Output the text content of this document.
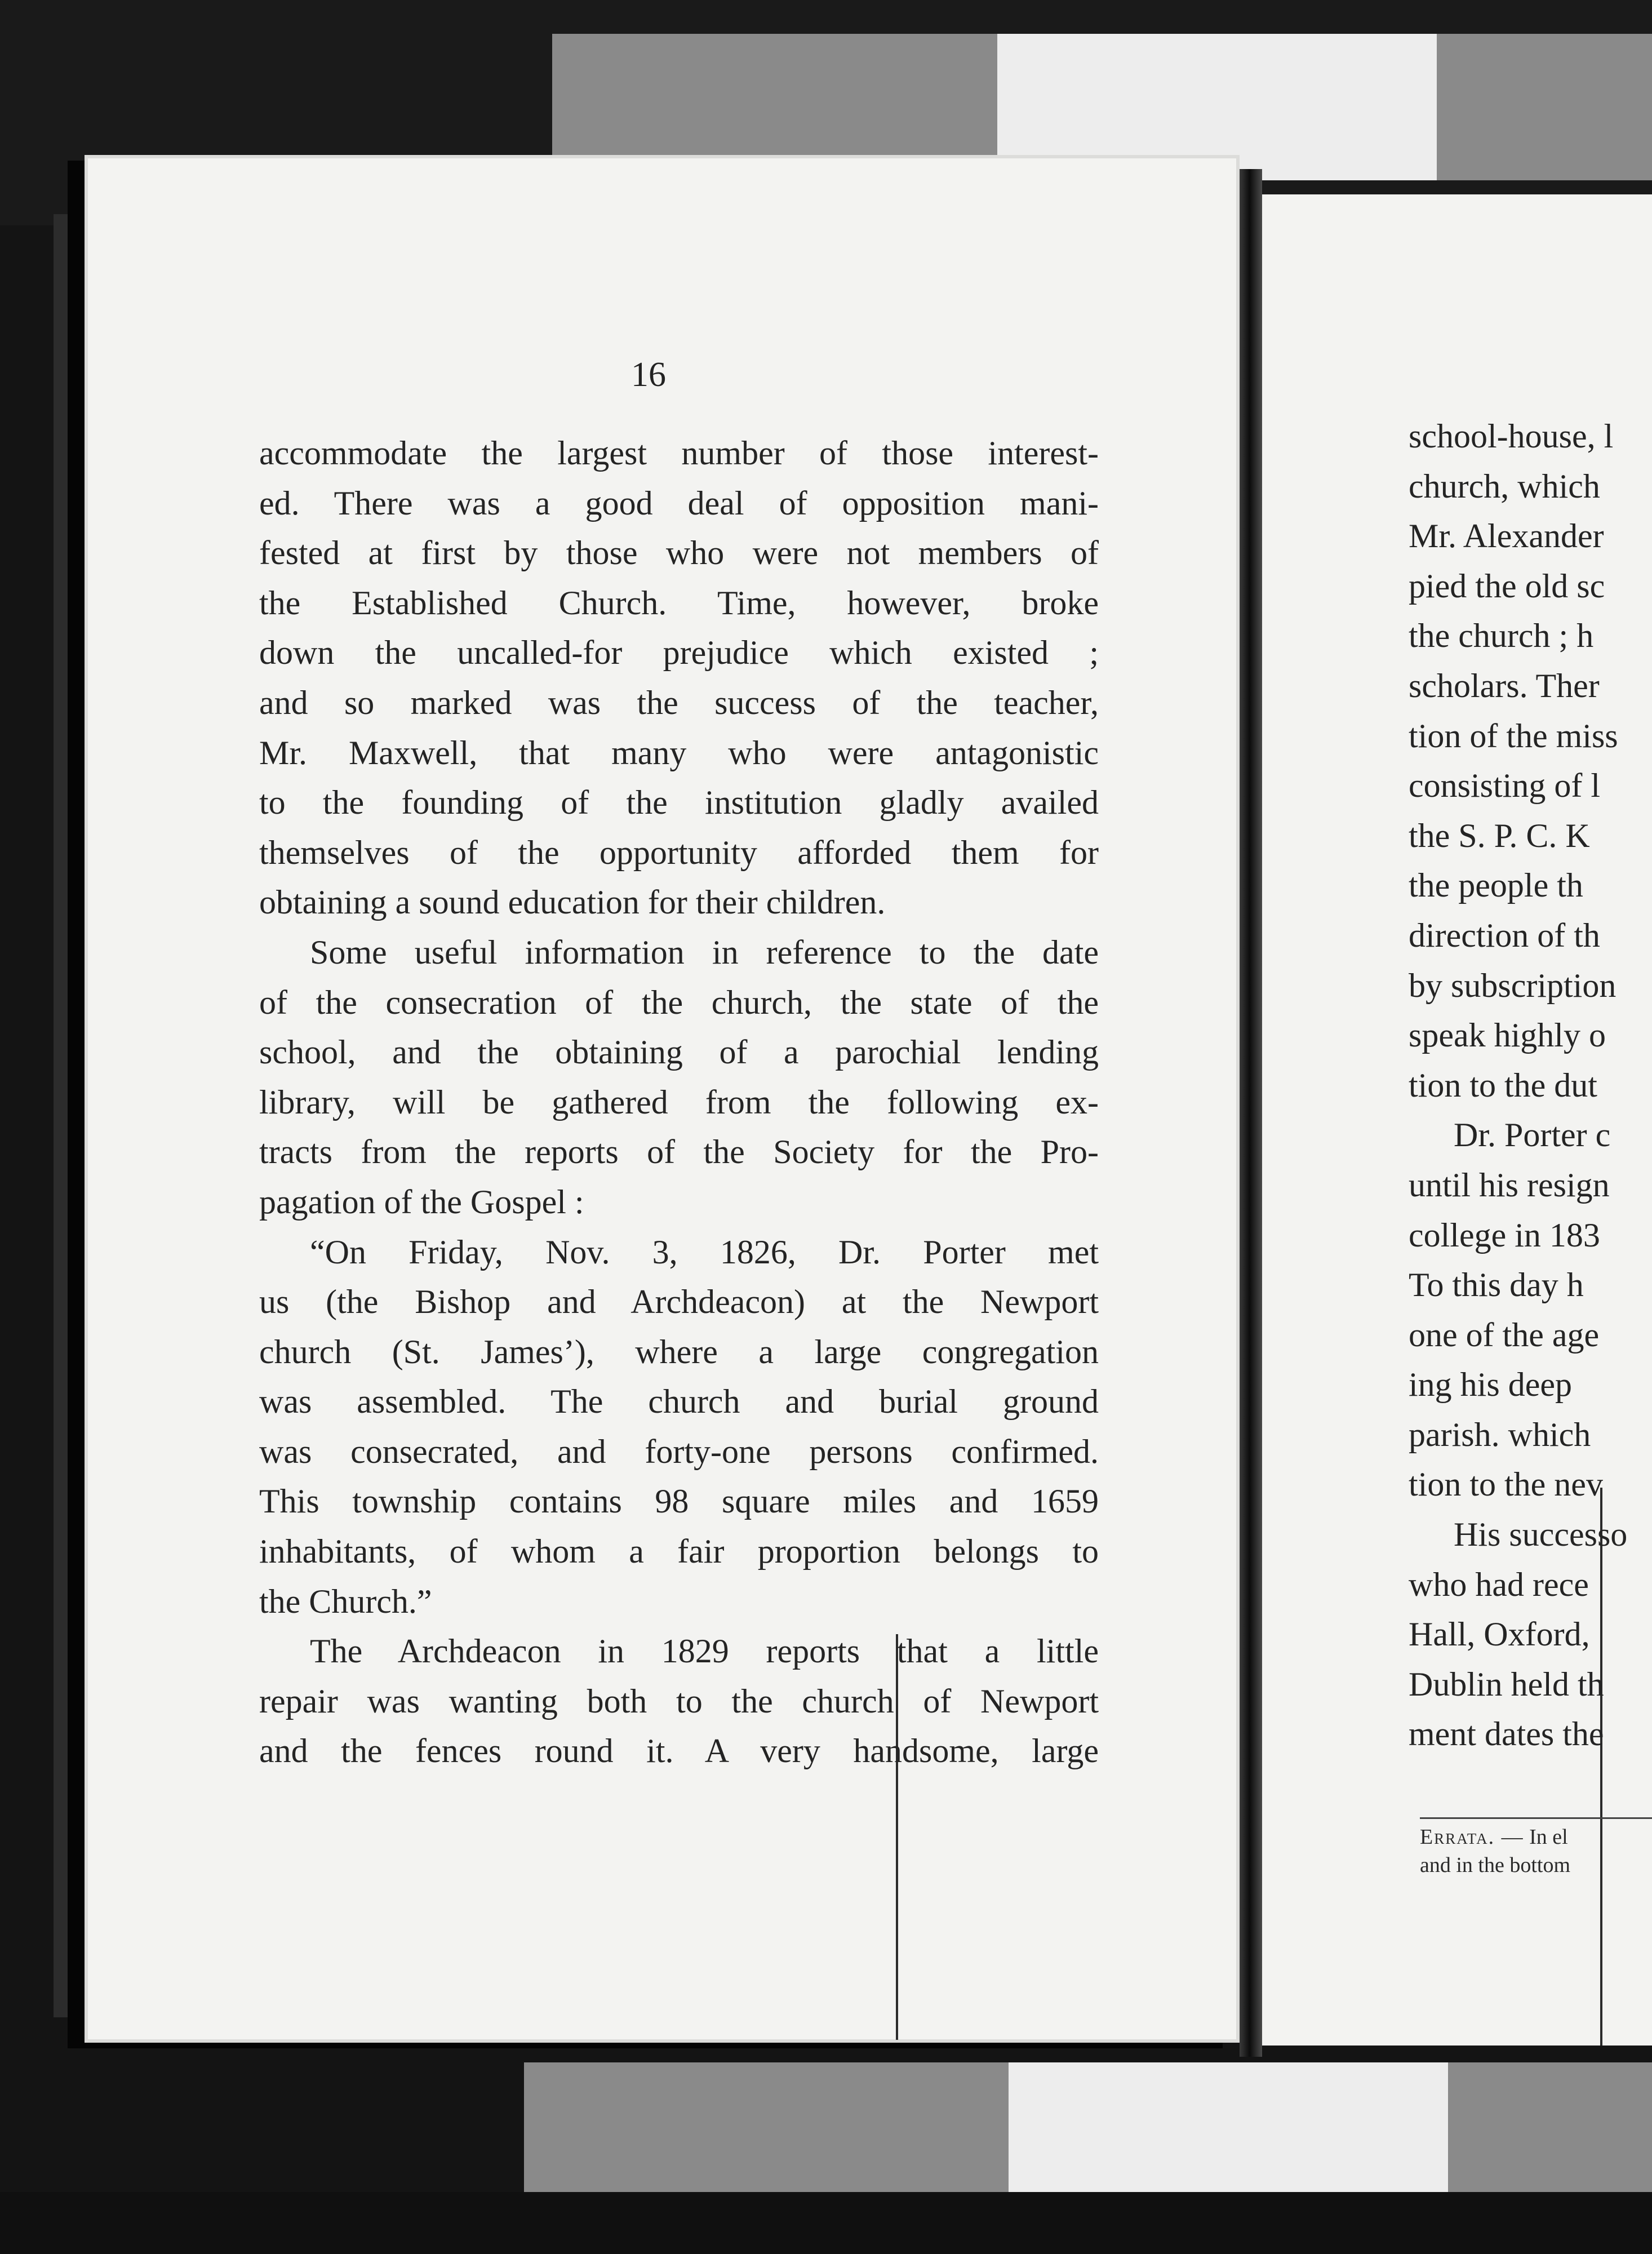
16
accommodate the largest number of those interest-
ed. There was a good deal of opposition mani-
fested at first by those who were not members of
the Established Church. Time, however, broke
down the uncalled-for prejudice which existed ;
and so marked was the success of the teacher,
Mr. Maxwell, that many who were antagonistic
to the founding of the institution gladly availed
themselves of the opportunity afforded them for
obtaining a sound education for their children.
Some useful information in reference to the date
of the consecration of the church, the state of the
school, and the obtaining of a parochial lending
library, will be gathered from the following ex-
tracts from the reports of the Society for the Pro-
pagation of the Gospel :
“On Friday, Nov. 3, 1826, Dr. Porter met
us (the Bishop and Archdeacon) at the Newport
church (St. James’), where a large congregation
was assembled. The church and burial ground
was consecrated, and forty-one persons confirmed.
This township contains 98 square miles and 1659
inhabitants, of whom a fair proportion belongs to
the Church.”
The Archdeacon in 1829 reports that a little
repair was wanting both to the church of Newport
and the fences round it. A very handsome, large
school-house, l
church, which
Mr. Alexander
pied the old sc
the church ; h
scholars. Ther
tion of the miss
consisting of l
the S. P. C. K
the people th
direction of th
by subscription
speak highly o
tion to the dut
Dr. Porter c
until his resign
college in 183
To this day h
one of the age
ing his deep
parish. which
tion to the nev
His successo
who had rece
Hall, Oxford,
Dublin held th
ment dates the
Errata. — In el
and in the bottom
